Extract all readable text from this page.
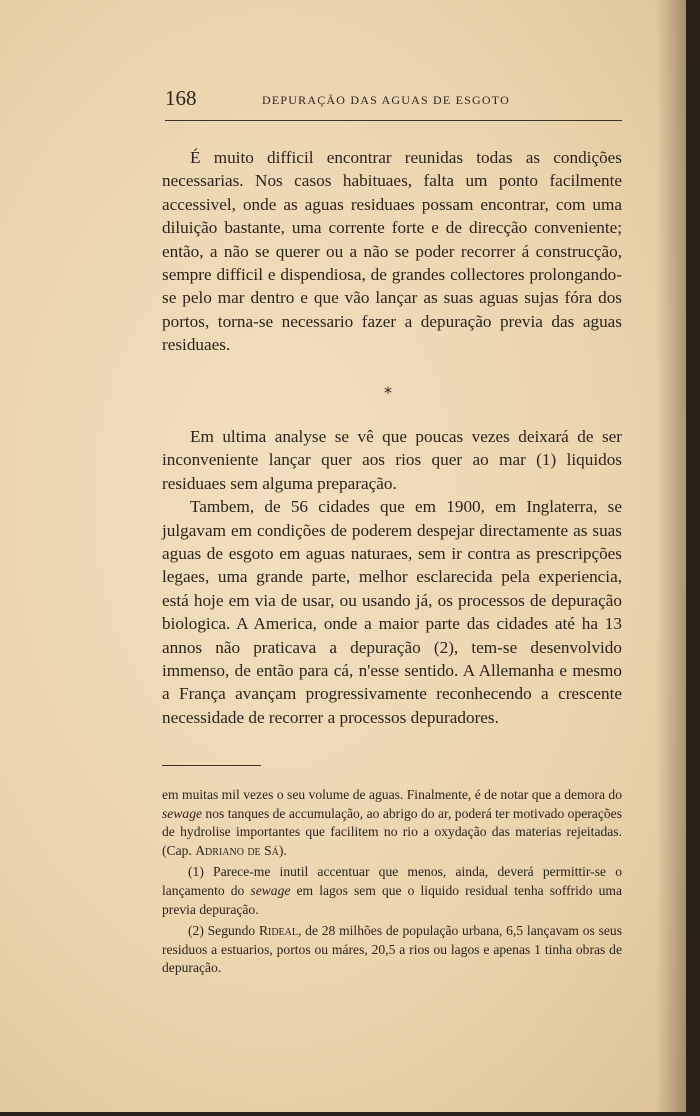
168	DEPURAÇÃO DAS AGUAS DE ESGOTO

É muito difficil encontrar reunidas todas as condições necessarias. Nos casos habituaes, falta um ponto facilmente accessivel, onde as aguas residuaes possam encontrar, com uma diluição bastante, uma corrente forte e de direcção conveniente; então, a não se querer ou a não se poder recorrer á construcção, sempre difficil e dispendiosa, de grandes collectores prolongando-se pelo mar dentro e que vão lançar as suas aguas sujas fóra dos portos, torna-se necessario fazer a depuração previa das aguas residuaes.

*

Em ultima analyse se vê que poucas vezes deixará de ser inconveniente lançar quer aos rios quer ao mar (1) liquidos residuaes sem alguma preparação.

Tambem, de 56 cidades que em 1900, em Inglaterra, se julgavam em condições de poderem despejar directamente as suas aguas de esgoto em aguas naturaes, sem ir contra as prescripções legaes, uma grande parte, melhor esclarecida pela experiencia, está hoje em via de usar, ou usando já, os processos de depuração biologica. A America, onde a maior parte das cidades até ha 13 annos não praticava a depuração (2), tem-se desenvolvido immenso, de então para cá, n'esse sentido. A Allemanha e mesmo a França avançam progressivamente reconhecendo a crescente necessidade de recorrer a processos depuradores.

em muitas mil vezes o seu volume de aguas. Finalmente, é de notar que a demora do sewage nos tanques de accumulação, ao abrigo do ar, poderá ter motivado operações de hydrolise importantes que facilitem no rio a oxydação das materias rejeitadas. (Cap. Adriano de Sá).

(1) Parece-me inutil accentuar que menos, ainda, deverá permittir-se o lançamento do sewage em lagos sem que o liquido residual tenha soffrido uma previa depuração.

(2) Segundo Rideal, de 28 milhões de população urbana, 6,5 lançavam os seus residuos a estuarios, portos ou máres, 20,5 a rios ou lagos e apenas 1 tinha obras de depuração.
